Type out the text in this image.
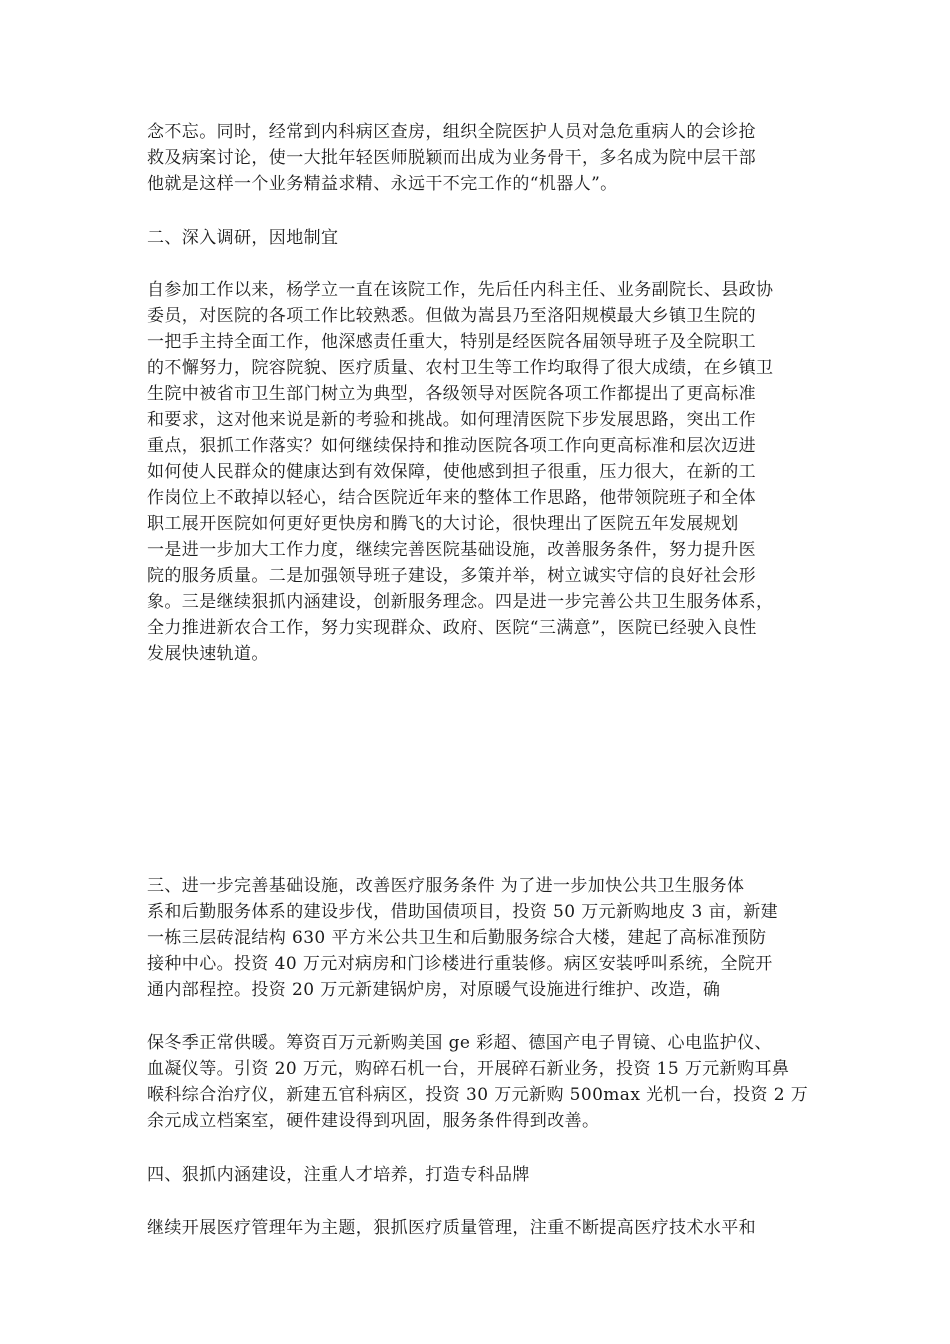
念不忘。同时，经常到内科病区查房，组织全院医护人员对急危重病人的会诊抢

救及病案讨论，使一大批年轻医师脱颖而出成为业务骨干，多名成为院中层干部

他就是这样一个业务精益求精、永远干不完工作的“机器人”。

二、深入调研，因地制宜

自参加工作以来，杨学立一直在该院工作，先后任内科主任、业务副院长、县政协

委员，对医院的各项工作比较熟悉。但做为嵩县乃至洛阳规模最大乡镇卫生院的

一把手主持全面工作，他深感责任重大，特别是经医院各届领导班子及全院职工

的不懈努力，院容院貌、医疗质量、农村卫生等工作均取得了很大成绩，在乡镇卫

生院中被省市卫生部门树立为典型，各级领导对医院各项工作都提出了更高标准

和要求，这对他来说是新的考验和挑战。如何理清医院下步发展思路，突出工作

重点，狠抓工作落实？如何继续保持和推动医院各项工作向更高标准和层次迈进

如何使人民群众的健康达到有效保障，使他感到担子很重，压力很大，在新的工

作岗位上不敢掉以轻心，结合医院近年来的整体工作思路，他带领院班子和全体

职工展开医院如何更好更快房和腾飞的大讨论，很快理出了医院五年发展规划

一是进一步加大工作力度，继续完善医院基础设施，改善服务条件，努力提升医

院的服务质量。二是加强领导班子建设，多策并举，树立诚实守信的良好社会形

象。三是继续狠抓内涵建设，创新服务理念。四是进一步完善公共卫生服务体系，

全力推进新农合工作，努力实现群众、政府、医院“三满意”，医院已经驶入良性

发展快速轨道。

三、进一步完善基础设施，改善医疗服务条件 为了进一步加快公共卫生服务体

系和后勤服务体系的建设步伐，借助国债项目，投资 50 万元新购地皮 3 亩，新建

一栋三层砖混结构 630 平方米公共卫生和后勤服务综合大楼，建起了高标准预防

接种中心。投资 40 万元对病房和门诊楼进行重装修。病区安装呼叫系统，全院开

通内部程控。投资 20 万元新建锅炉房，对原暖气设施进行维护、改造，确

保冬季正常供暖。筹资百万元新购美国 ge 彩超、德国产电子胃镜、心电监护仪、

血凝仪等。引资 20 万元，购碎石机一台，开展碎石新业务，投资 15 万元新购耳鼻

喉科综合治疗仪，新建五官科病区，投资 30 万元新购 500max 光机一台，投资 2 万

余元成立档案室，硬件建设得到巩固，服务条件得到改善。

四、狠抓内涵建设，注重人才培养，打造专科品牌

继续开展医疗管理年为主题，狠抓医疗质量管理，注重不断提高医疗技术水平和
